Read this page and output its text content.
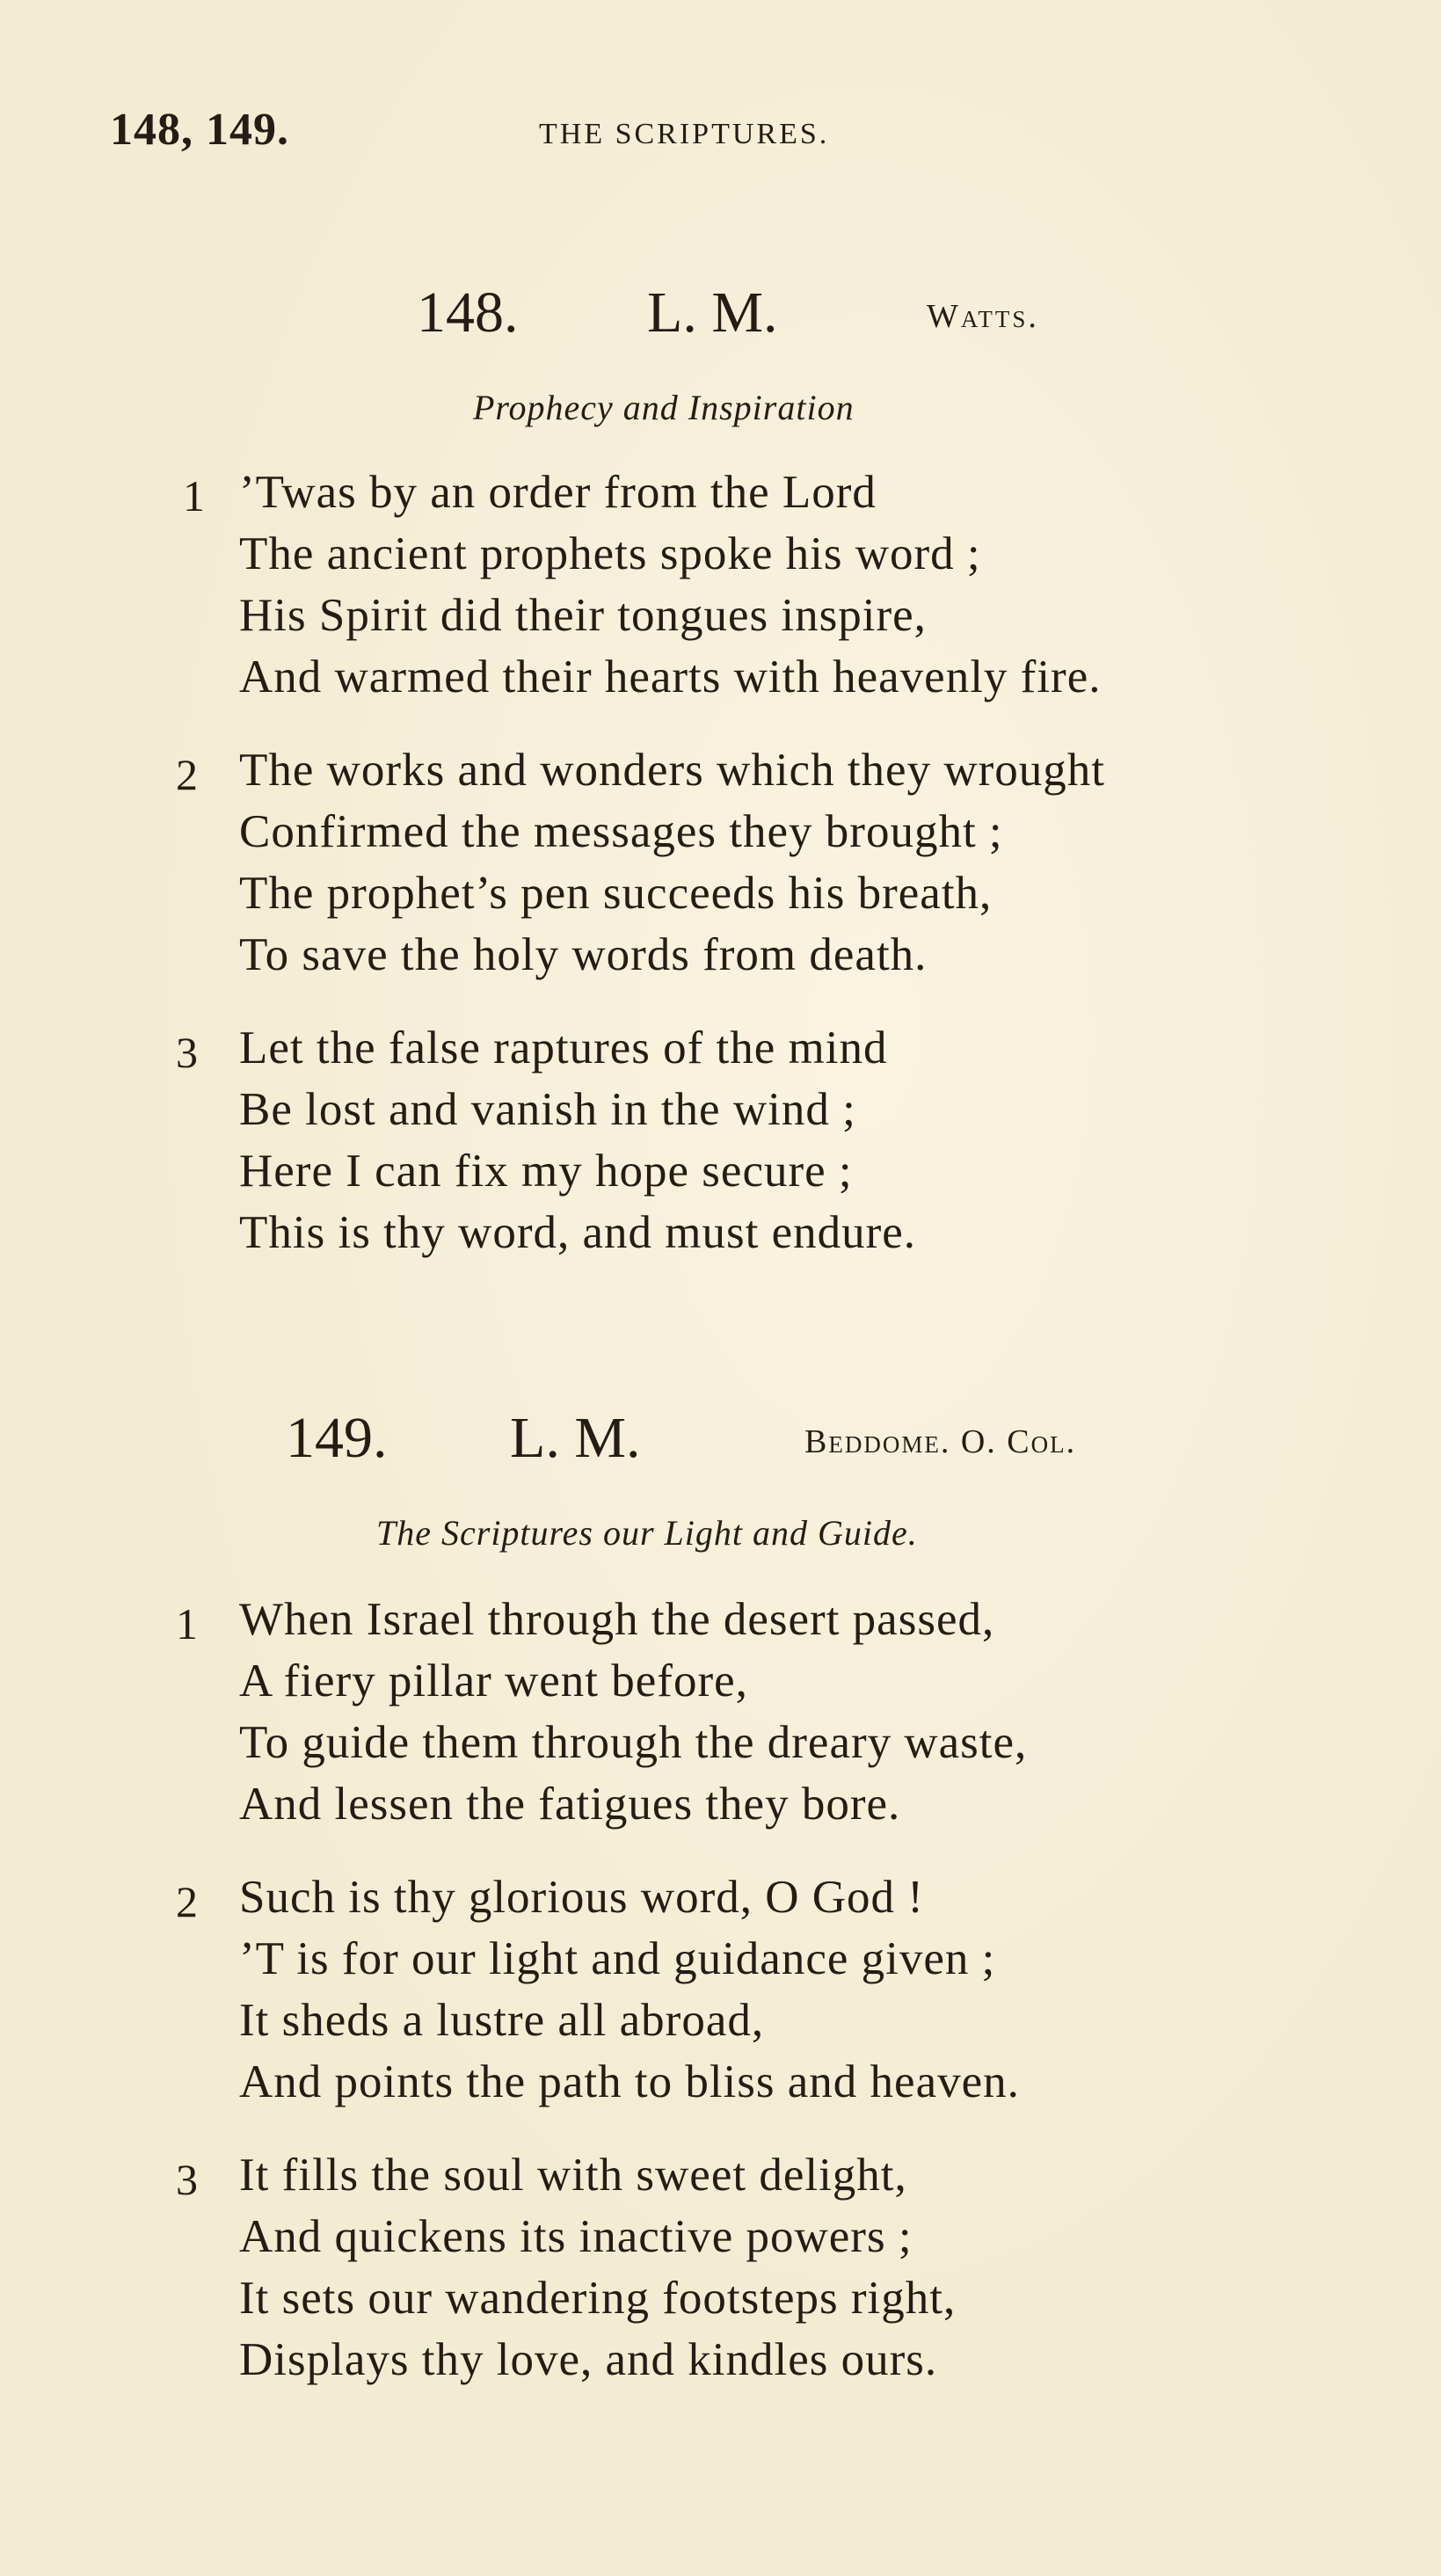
148, 149.	THE SCRIPTURES.
148. L. M.	Watts.
Prophecy and Inspiration
1 ’Twas by an order from the Lord
The ancient prophets spoke his word ;
His Spirit did their tongues inspire,
And warmed their hearts with heavenly fire.
2 The works and wonders which they wrought
Confirmed the messages they brought ;
The prophet’s pen succeeds his breath,
To save the holy words from death.
3 Let the false raptures of the mind
Be lost and vanish in the wind ;
Here I can fix my hope secure ;
This is thy word, and must endure.
149. L. M.	Beddome. O. Col.
The Scriptures our Light and Guide.
1 When Israel through the desert passed,
A fiery pillar went before,
To guide them through the dreary waste,
And lessen the fatigues they bore.
2 Such is thy glorious word, O God !
’T is for our light and guidance given ;
It sheds a lustre all abroad,
And points the path to bliss and heaven.
3 It fills the soul with sweet delight,
And quickens its inactive powers ;
It sets our wandering footsteps right,
Displays thy love, and kindles ours.
